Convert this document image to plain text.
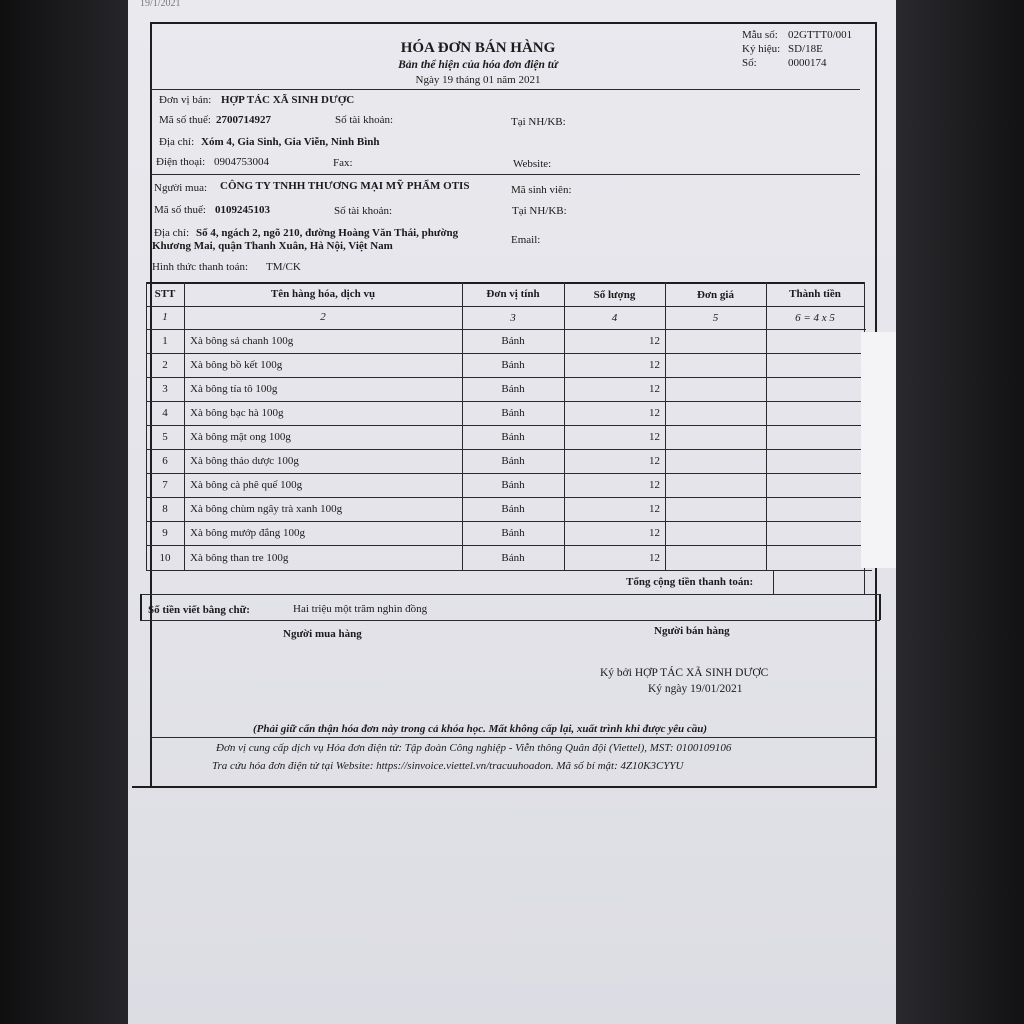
19/1/2021
HÓA ĐƠN BÁN HÀNG
Bản thể hiện của hóa đơn điện tử
Ngày 19 tháng 01 năm 2021
Mẫu số: 02GTTT0/001
Ký hiệu: SD/18E
Số:	0000174
Đơn vị bán: HỢP TÁC XÃ SINH DƯỢC
Mã số thuế: 2700714927	Số tài khoản:	Tại NH/KB:
Địa chỉ: Xóm 4, Gia Sinh, Gia Viễn, Ninh Bình
Điện thoại: 0904753004	Fax:	Website:
Người mua: CÔNG TY TNHH THƯƠNG MẠI MỸ PHẨM OTIS	Mã sinh viên:
Mã số thuế: 0109245103	Số tài khoản:	Tại NH/KB:
Địa chỉ: Số 4, ngách 2, ngõ 210, đường Hoàng Văn Thái, phường
Khương Mai, quận Thanh Xuân, Hà Nội, Việt Nam	Email:
Hình thức thanh toán: TM/CK
STT	Tên hàng hóa, dịch vụ	Đơn vị tính	Số lượng	Đơn giá	Thành tiền
1	2	3	4	5	6 = 4 x 5
1	Xà bông sả chanh 100g	Bánh	12
2	Xà bông bồ kết 100g	Bánh	12
3	Xà bông tía tô 100g	Bánh	12
4	Xà bông bạc hà 100g	Bánh	12
5	Xà bông mật ong 100g	Bánh	12
6	Xà bông thảo dược 100g	Bánh	12
7	Xà bông cà phê quế 100g	Bánh	12
8	Xà bông chùm ngây trà xanh 100g	Bánh	12
9	Xà bông mướp đắng 100g	Bánh	12
10	Xà bông than tre 100g	Bánh	12
Tổng cộng tiền thanh toán:
Số tiền viết bằng chữ:	Hai triệu một trăm nghìn đồng
Người mua hàng	Người bán hàng
Ký bởi HỢP TÁC XÃ SINH DƯỢC
Ký ngày 19/01/2021
(Phải giữ cẩn thận hóa đơn này trong cả khóa học. Mất không cấp lại, xuất trình khi được yêu cầu)
Đơn vị cung cấp dịch vụ Hóa đơn điện tử: Tập đoàn Công nghiệp - Viễn thông Quân đội (Viettel), MST: 0100109106
Tra cứu hóa đơn điện tử tại Website: https://sinvoice.viettel.vn/tracuuhoadon. Mã số bí mật: 4Z10K3CYYU
